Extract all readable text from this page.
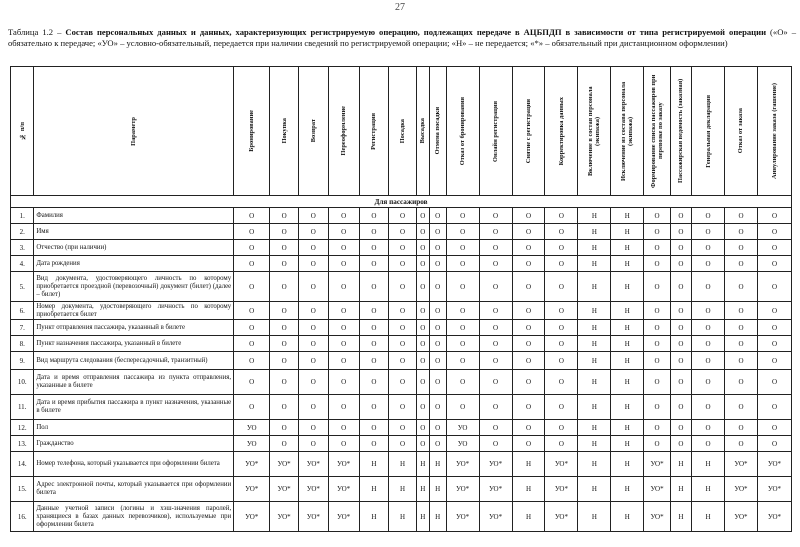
27
Таблица 1.2 – Состав персональных данных и данных, характеризующих регистрируемую операцию, подлежащих передаче в АЦБПДП в зависимости от типа регистрируемой операции («О» – обязательно к передаче; «УО» – условно-обязательный, передается при наличии сведений по регистрируемой операции; «Н» – не передается; «*» – обязательный при дистанционном оформлении)
№ п/п	Параметр	Бронирование	Покупка	Возврат	Переоформление	Регистрация	Посадка	Высадка	Отмена посадки	Отказ от бронирования	Онлайн регистрация	Снятие с регистрации	Корректировка данных	Включение в состав персонала (экипажа)	Исключение из состава персонала (экипажа)	Формирование списка пассажиров при перевозке по заказу	Пассажирская ведомость (заказная)	Генеральная декларация	Отказ от заказа	Аннулирование заказа (гашение)

Для пассажиров																				
1.	Фамилия	О	О	О	О	О	О	О	О	О	О	О	О	Н	Н	О	О	О	О	О
2.	Имя	О	О	О	О	О	О	О	О	О	О	О	О	Н	Н	О	О	О	О	О
3.	Отчество (при наличии)	О	О	О	О	О	О	О	О	О	О	О	О	Н	Н	О	О	О	О	О
4.	Дата рождения	О	О	О	О	О	О	О	О	О	О	О	О	Н	Н	О	О	О	О	О
5.	Вид документа, удостоверяющего личность по которому приобретается проездной (перевозочный) документ (билет) (далее – билет)	О	О	О	О	О	О	О	О	О	О	О	О	Н	Н	О	О	О	О	О
6.	Номер документа, удостоверяющего личность по которому приобретается билет	О	О	О	О	О	О	О	О	О	О	О	О	Н	Н	О	О	О	О	О
7.	Пункт отправления пассажира, указанный в билете	О	О	О	О	О	О	О	О	О	О	О	О	Н	Н	О	О	О	О	О
8.	Пункт назначения пассажира, указанный в билете	О	О	О	О	О	О	О	О	О	О	О	О	Н	Н	О	О	О	О	О
9.	Вид маршрута следования (беспересадочный, транзитный)	О	О	О	О	О	О	О	О	О	О	О	О	Н	Н	О	О	О	О	О
10.	Дата и время отправления пассажира из пункта отправления, указанные в билете	О	О	О	О	О	О	О	О	О	О	О	О	Н	Н	О	О	О	О	О
11.	Дата и время прибытия пассажира в пункт назначения, указанные в билете	О	О	О	О	О	О	О	О	О	О	О	О	Н	Н	О	О	О	О	О
12.	Пол	УО	О	О	О	О	О	О	О	УО	О	О	О	Н	Н	О	О	О	О	О
13.	Гражданство	УО	О	О	О	О	О	О	О	УО	О	О	О	Н	Н	О	О	О	О	О
14.	Номер телефона, который указывается при оформлении билета	УО*	УО*	УО*	УО*	Н	Н	Н	Н	УО*	УО*	Н	УО*	Н	Н	УО*	Н	Н	УО*	УО*
15.	Адрес электронной почты, который указывается при оформлении билета	УО*	УО*	УО*	УО*	Н	Н	Н	Н	УО*	УО*	Н	УО*	Н	Н	УО*	Н	Н	УО*	УО*
16.	Данные учетной записи (логины и хэш-значения паролей, хранящиеся в базах данных перевозчиков), используемые при оформлении билета	УО*	УО*	УО*	УО*	Н	Н	Н	Н	УО*	УО*	Н	УО*	Н	Н	УО*	Н	Н	УО*	УО*
